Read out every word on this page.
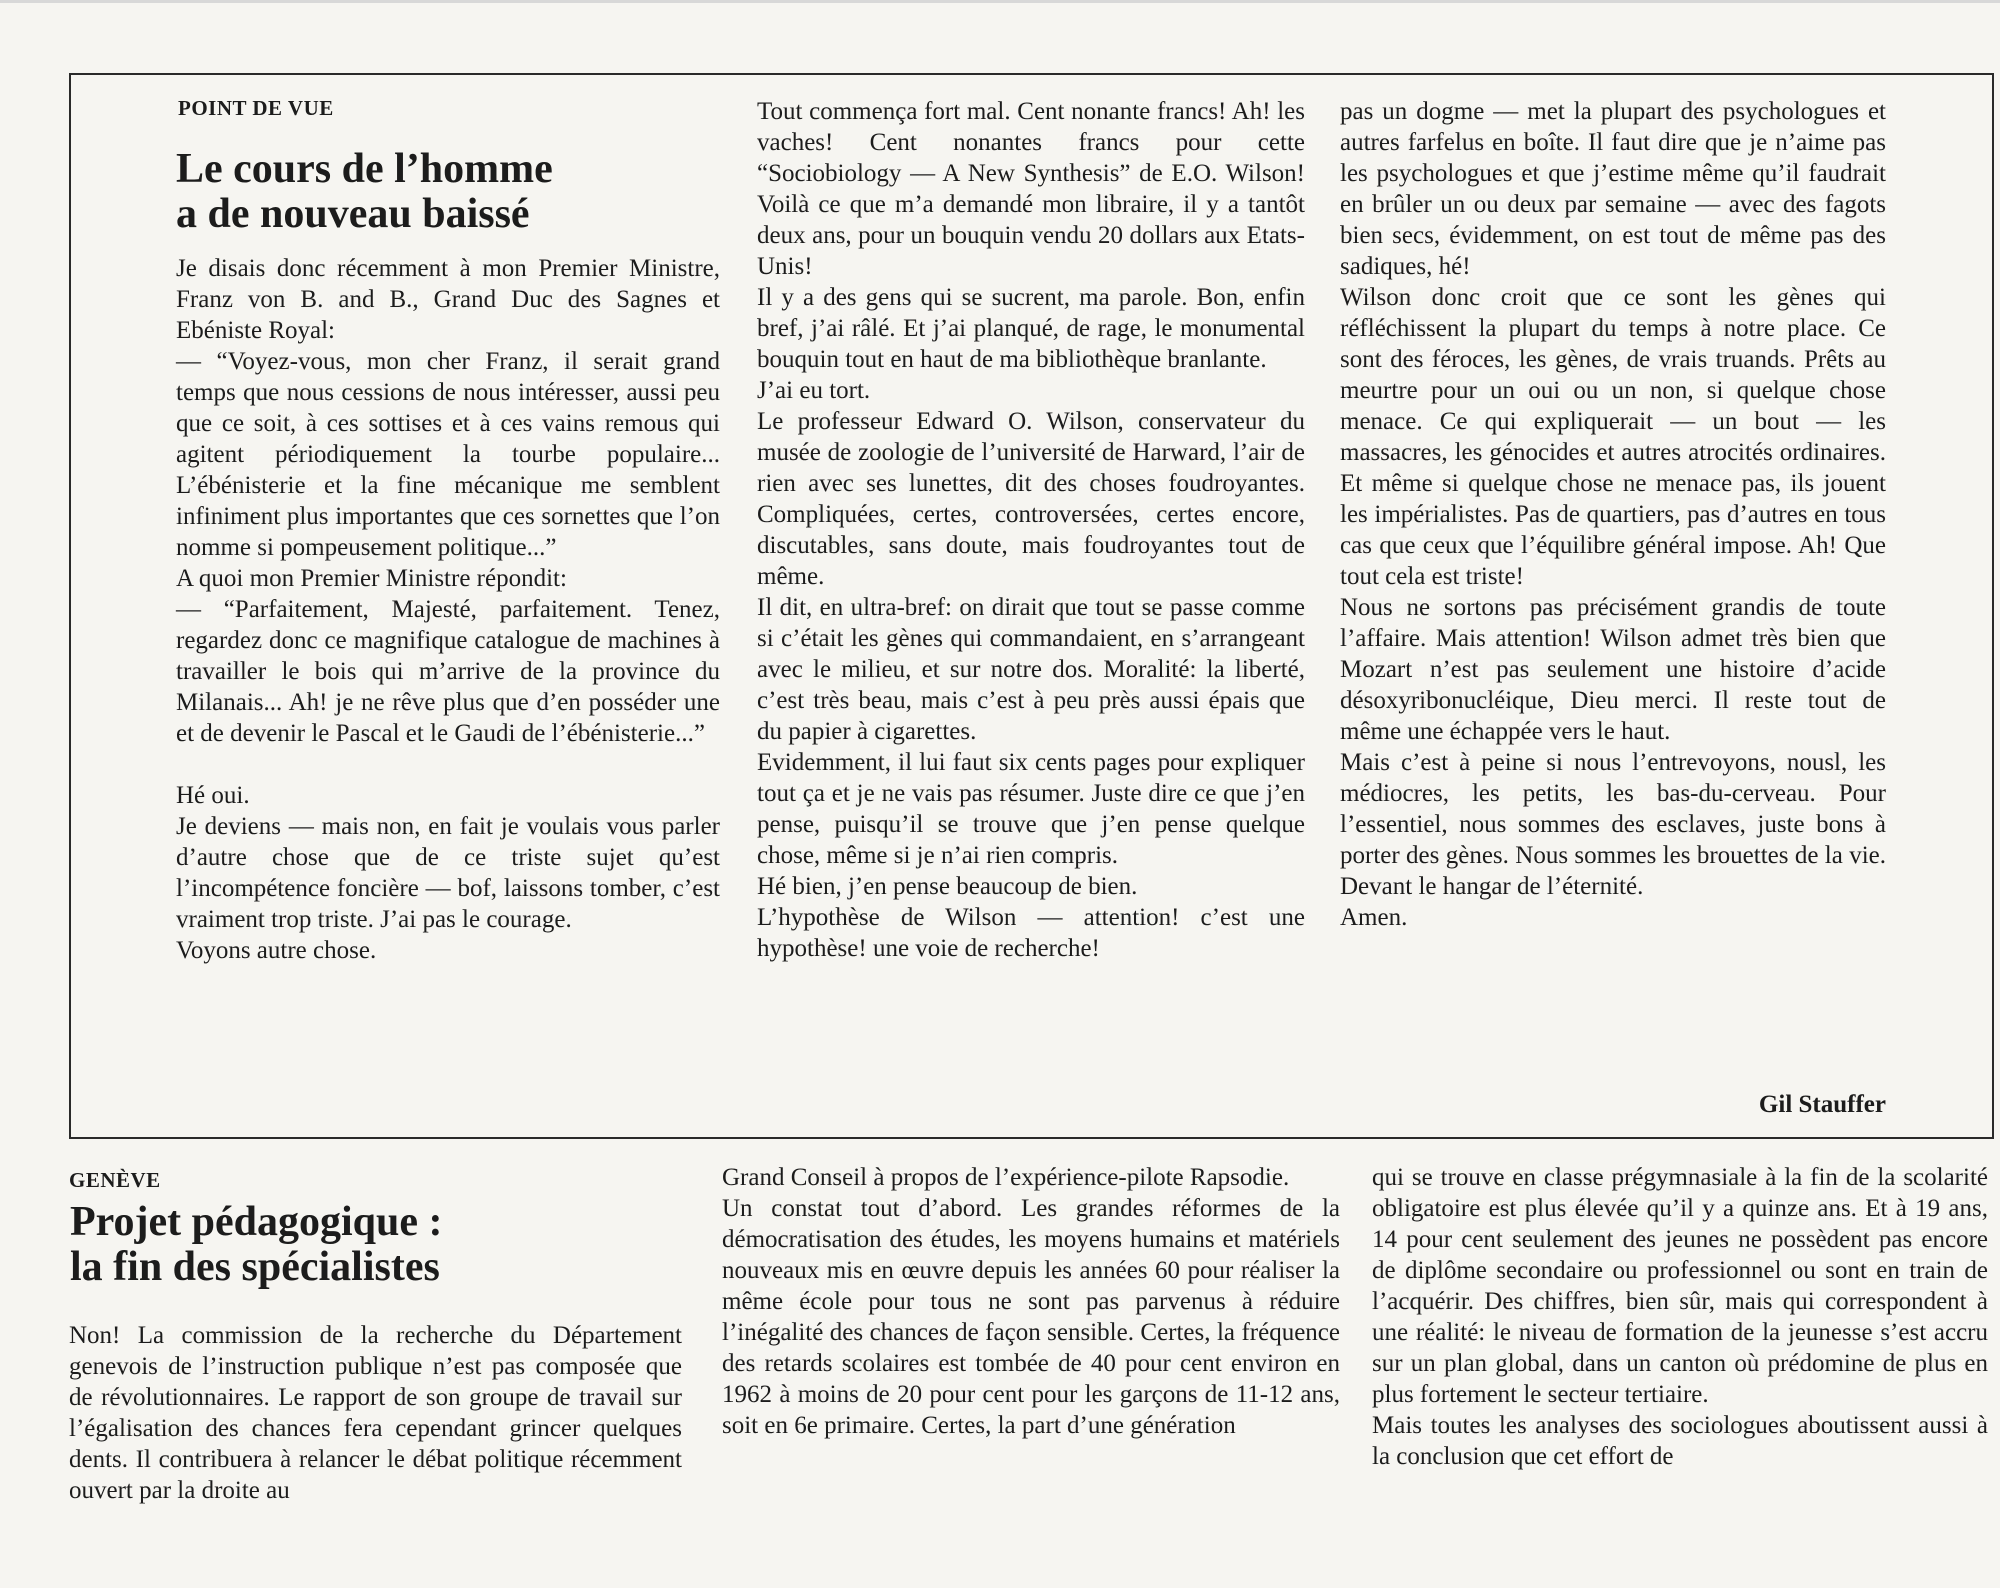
POINT DE VUE
Le cours de l’homme
a de nouveau baissé

Je disais donc récemment à mon Premier Ministre, Franz von B. and B., Grand Duc des Sagnes et Ebéniste Royal:

— “Voyez-vous, mon cher Franz, il serait grand temps que nous cessions de nous intéresser, aussi peu que ce soit, à ces sottises et à ces vains remous qui agitent périodiquement la tourbe populaire... L’ébénisterie et la fine mécanique me semblent infiniment plus importantes que ces sornettes que l’on nomme si pompeusement politique...”

A quoi mon Premier Ministre répondit:

— “Parfaitement, Majesté, parfaitement. Tenez, regardez donc ce magnifique catalogue de machines à travailler le bois qui m’arrive de la province du Milanais... Ah! je ne rêve plus que d’en posséder une et de devenir le Pascal et le Gaudi de l’ébénisterie...”

Hé oui.

Je deviens — mais non, en fait je voulais vous parler d’autre chose que de ce triste sujet qu’est l’incompétence foncière — bof, laissons tomber, c’est vraiment trop triste. J’ai pas le courage.

Voyons autre chose.

Tout commença fort mal. Cent nonante francs! Ah! les vaches! Cent nonantes francs pour cette “Sociobiology — A New Synthesis” de E.O. Wilson! Voilà ce que m’a demandé mon libraire, il y a tantôt deux ans, pour un bouquin vendu 20 dollars aux Etats-Unis!

Il y a des gens qui se sucrent, ma parole. Bon, enfin bref, j’ai râlé. Et j’ai planqué, de rage, le monumental bouquin tout en haut de ma bibliothèque branlante.

J’ai eu tort.

Le professeur Edward O. Wilson, conservateur du musée de zoologie de l’université de Harward, l’air de rien avec ses lunettes, dit des choses foudroyantes. Compliquées, certes, controversées, certes encore, discutables, sans doute, mais foudroyantes tout de même.

Il dit, en ultra-bref: on dirait que tout se passe comme si c’était les gènes qui commandaient, en s’arrangeant avec le milieu, et sur notre dos. Moralité: la liberté, c’est très beau, mais c’est à peu près aussi épais que du papier à cigarettes.

Evidemment, il lui faut six cents pages pour expliquer tout ça et je ne vais pas résumer. Juste dire ce que j’en pense, puisqu’il se trouve que j’en pense quelque chose, même si je n’ai rien compris.

Hé bien, j’en pense beaucoup de bien.

L’hypothèse de Wilson — attention! c’est une hypothèse! une voie de recherche!

pas un dogme — met la plupart des psychologues et autres farfelus en boîte. Il faut dire que je n’aime pas les psychologues et que j’estime même qu’il faudrait en brûler un ou deux par semaine — avec des fagots bien secs, évidemment, on est tout de même pas des sadiques, hé!

Wilson donc croit que ce sont les gènes qui réfléchissent la plupart du temps à notre place. Ce sont des féroces, les gènes, de vrais truands. Prêts au meurtre pour un oui ou un non, si quelque chose menace. Ce qui expliquerait — un bout — les massacres, les génocides et autres atrocités ordinaires. Et même si quelque chose ne menace pas, ils jouent les impérialistes. Pas de quartiers, pas d’autres en tous cas que ceux que l’équilibre général impose. Ah! Que tout cela est triste!

Nous ne sortons pas précisément grandis de toute l’affaire. Mais attention! Wilson admet très bien que Mozart n’est pas seulement une histoire d’acide désoxyribonucléique, Dieu merci. Il reste tout de même une échappée vers le haut.

Mais c’est à peine si nous l’entrevoyons, nousl, les médiocres, les petits, les bas-du-cerveau. Pour l’essentiel, nous sommes des esclaves, juste bons à porter des gènes. Nous sommes les brouettes de la vie. Devant le hangar de l’éternité.

Amen.

Gil Stauffer
GENÈVE
Projet pédagogique :
la fin des spécialistes

Non! La commission de la recherche du Département genevois de l’instruction publique n’est pas composée que de révolutionnaires. Le rapport de son groupe de travail sur l’égalisation des chances fera cependant grincer quelques dents. Il contribuera à relancer le débat politique récemment ouvert par la droite au

Grand Conseil à propos de l’expérience-pilote Rapsodie.

Un constat tout d’abord. Les grandes réformes de la démocratisation des études, les moyens humains et matériels nouveaux mis en œuvre depuis les années 60 pour réaliser la même école pour tous ne sont pas parvenus à réduire l’inégalité des chances de façon sensible. Certes, la fréquence des retards scolaires est tombée de 40 pour cent environ en 1962 à moins de 20 pour cent pour les garçons de 11-12 ans, soit en 6e primaire. Certes, la part d’une génération

qui se trouve en classe prégymnasiale à la fin de la scolarité obligatoire est plus élevée qu’il y a quinze ans. Et à 19 ans, 14 pour cent seulement des jeunes ne possèdent pas encore de diplôme secondaire ou professionnel ou sont en train de l’acquérir. Des chiffres, bien sûr, mais qui correspondent à une réalité: le niveau de formation de la jeunesse s’est accru sur un plan global, dans un canton où prédomine de plus en plus fortement le secteur tertiaire.

Mais toutes les analyses des sociologues aboutissent aussi à la conclusion que cet effort de
